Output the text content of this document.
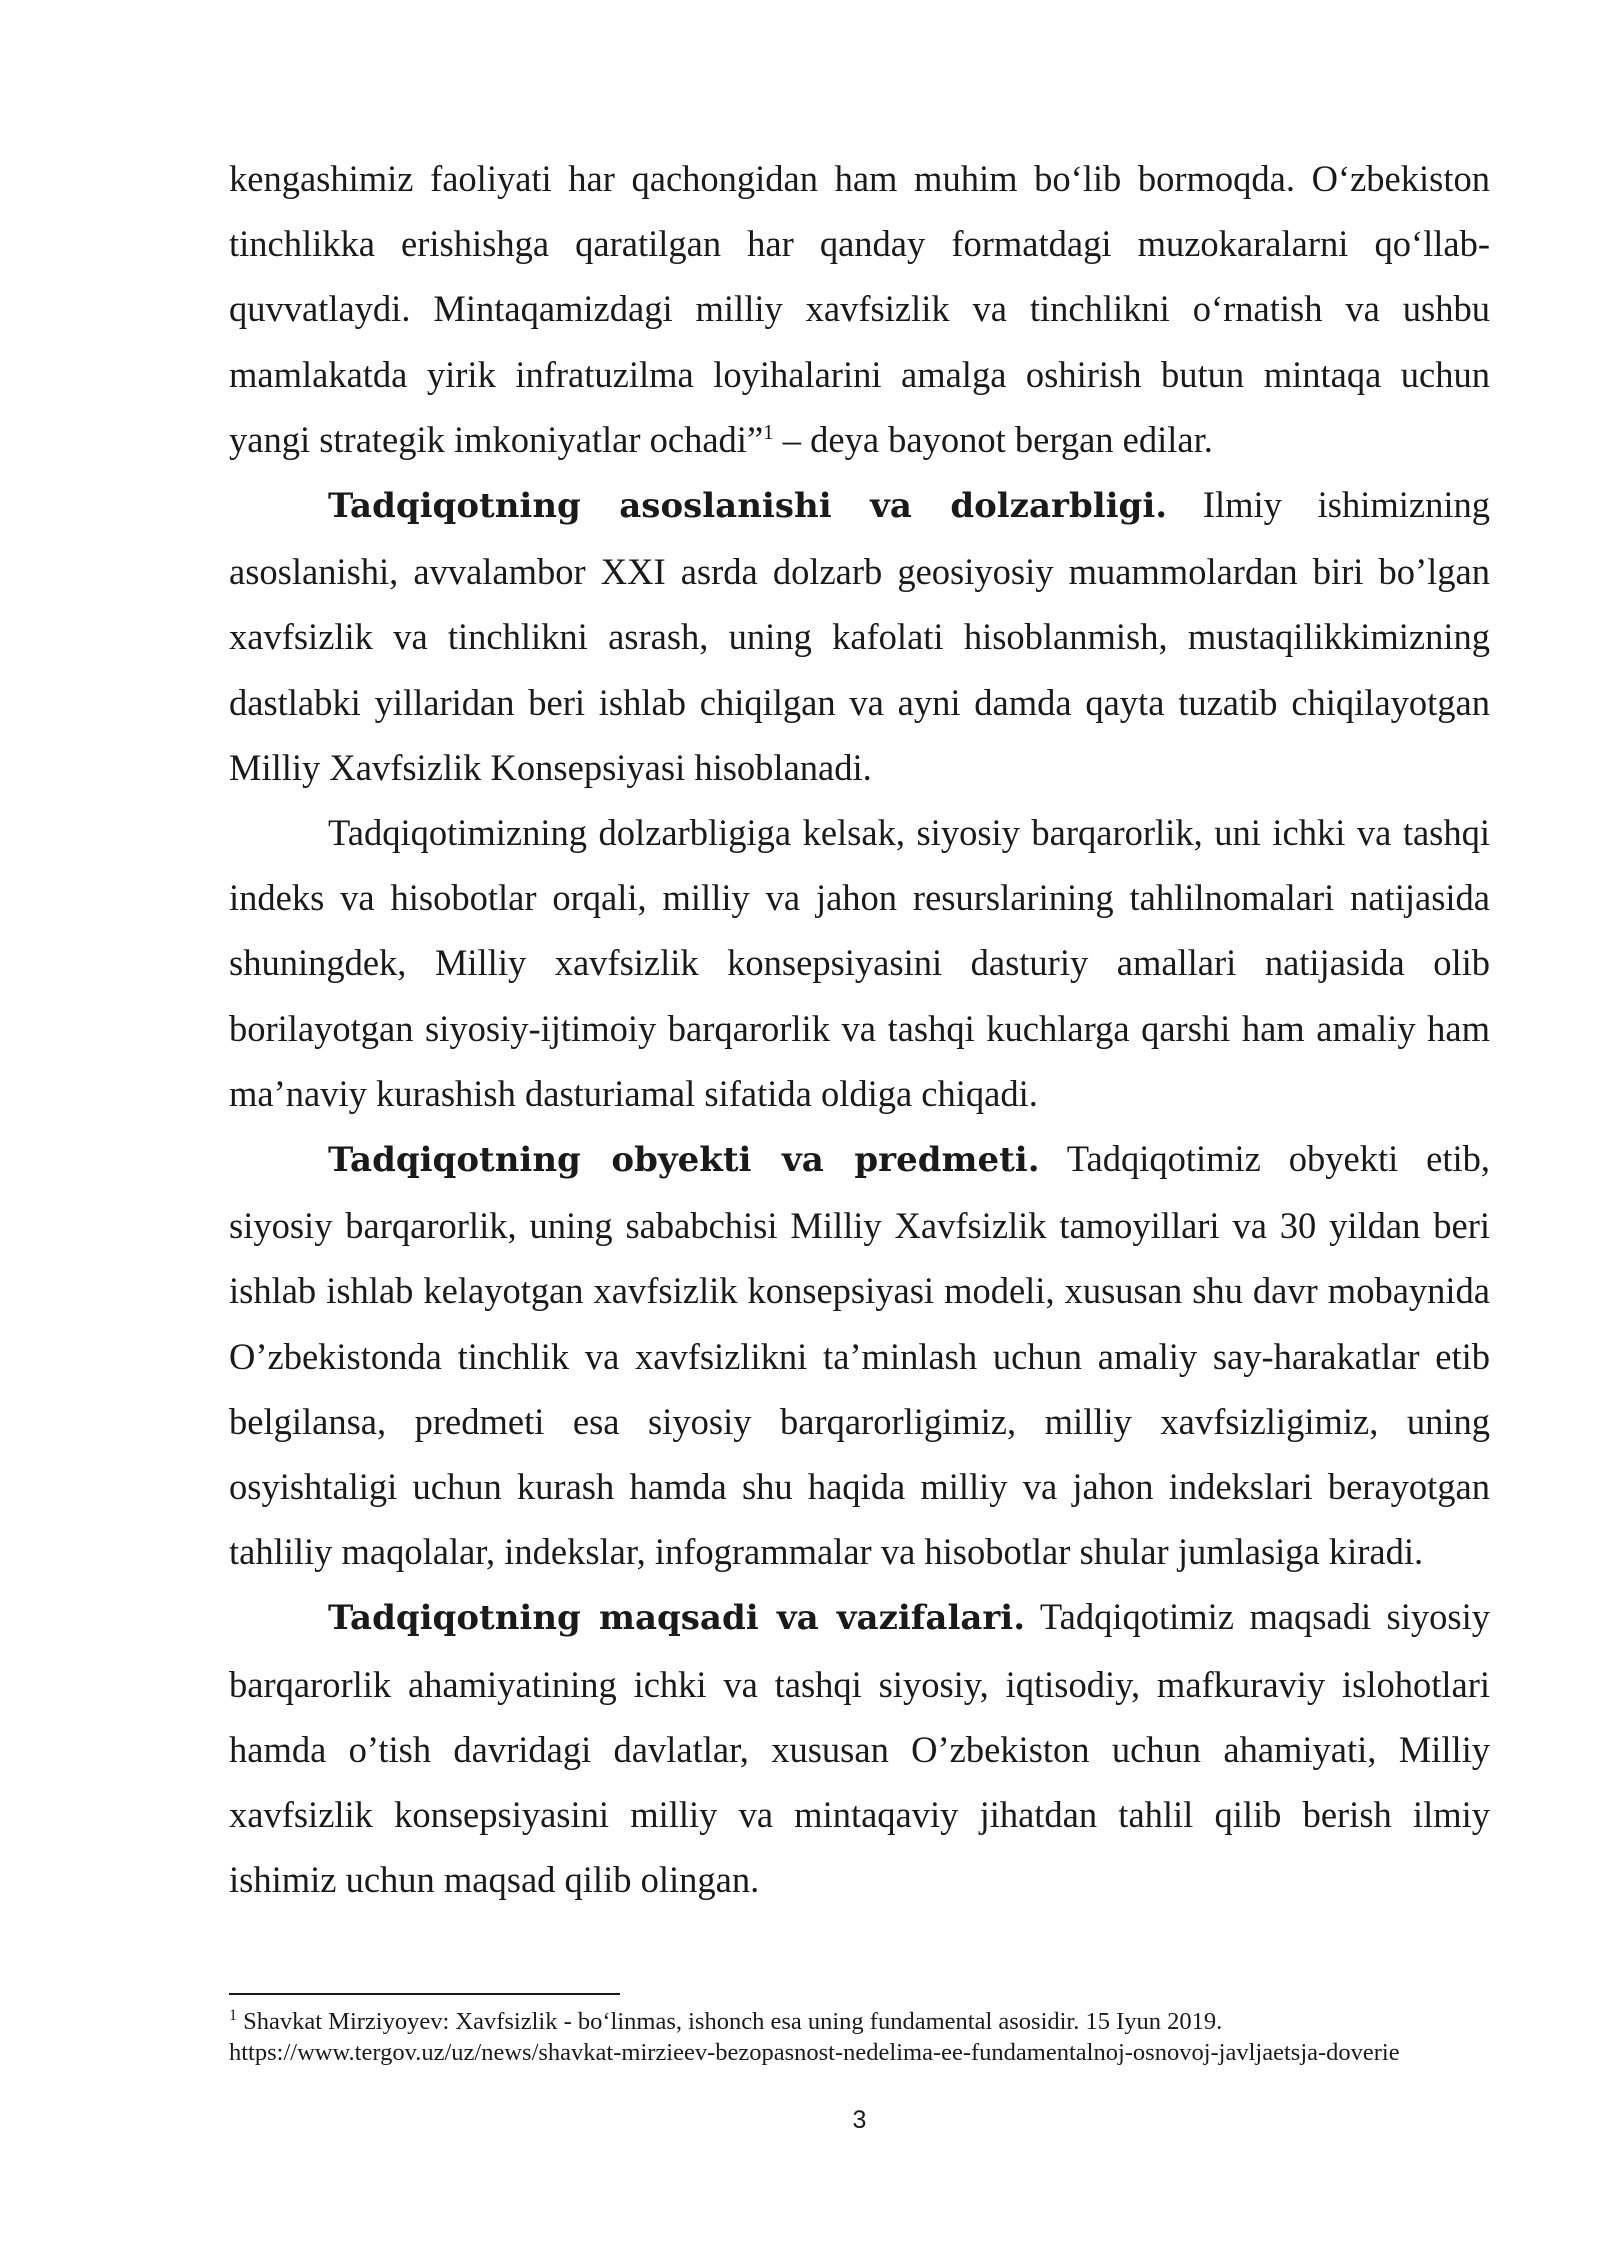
kengashimiz faoliyati har qachongidan ham muhim bo‘lib bormoqda. O‘zbekiston tinchlikka erishishga qaratilgan har qanday formatdagi muzokaralarni qo‘llab-quvvatlaydi. Mintaqamizdagi milliy xavfsizlik va tinchlikni o‘rnatish va ushbu mamlakatda yirik infratuzilma loyihalarini amalga oshirish butun mintaqa uchun yangi strategik imkoniyatlar ochadi”$^1$ – deya bayonot bergan edilar.

Tadqiqotning asoslanishi va dolzarbligi. Ilmiy ishimizning asoslanishi, avvalambor XXI asrda dolzarb geosiyosiy muammolardan biri bo’lgan xavfsizlik va tinchlikni asrash, uning kafolati hisoblanmish, mustaqilikkimizning dastlabki yillaridan beri ishlab chiqilgan va ayni damda qayta tuzatib chiqilayotgan Milliy Xavfsizlik Konsepsiyasi hisoblanadi.

Tadqiqotimizning dolzarbligiga kelsak, siyosiy barqarorlik, uni ichki va tashqi indeks va hisobotlar orqali, milliy va jahon resurslarining tahlilnomalari natijasida shuningdek, Milliy xavfsizlik konsepsiyasini dasturiy amallari natijasida olib borilayotgan siyosiy-ijtimoiy barqarorlik va tashqi kuchlarga qarshi ham amaliy ham ma’naviy kurashish dasturiamal sifatida oldiga chiqadi.

Tadqiqotning obyekti va predmeti. Tadqiqotimiz obyekti etib, siyosiy barqarorlik, uning sababchisi Milliy Xavfsizlik tamoyillari va 30 yildan beri ishlab ishlab kelayotgan xavfsizlik konsepsiyasi modeli, xususan shu davr mobaynida O’zbekistonda tinchlik va xavfsizlikni ta’minlash uchun amaliy say-harakatlar etib belgilansa, predmeti esa siyosiy barqarorligimiz, milliy xavfsizligimiz, uning osyishtaligi uchun kurash hamda shu haqida milliy va jahon indekslari berayotgan tahliliy maqolalar, indekslar, infogrammalar va hisobotlar shular jumlasiga kiradi.

Tadqiqotning maqsadi va vazifalari. Tadqiqotimiz maqsadi siyosiy barqarorlik ahamiyatining ichki va tashqi siyosiy, iqtisodiy, mafkuraviy islohotlari hamda o’tish davridagi davlatlar, xususan O’zbekiston uchun ahamiyati, Milliy xavfsizlik konsepsiyasini milliy va mintaqaviy jihatdan tahlil qilib berish ilmiy ishimiz uchun maqsad qilib olingan.

$^1$ Shavkat Mirziyoyev: Xavfsizlik - bo‘linmas, ishonch esa uning fundamental asosidir. 15 Iyun 2019.
https://www.tergov.uz/uz/news/shavkat-mirzieev-bezopasnost-nedelima-ee-fundamentalnoj-osnovoj-javljaetsja-doverie

3
